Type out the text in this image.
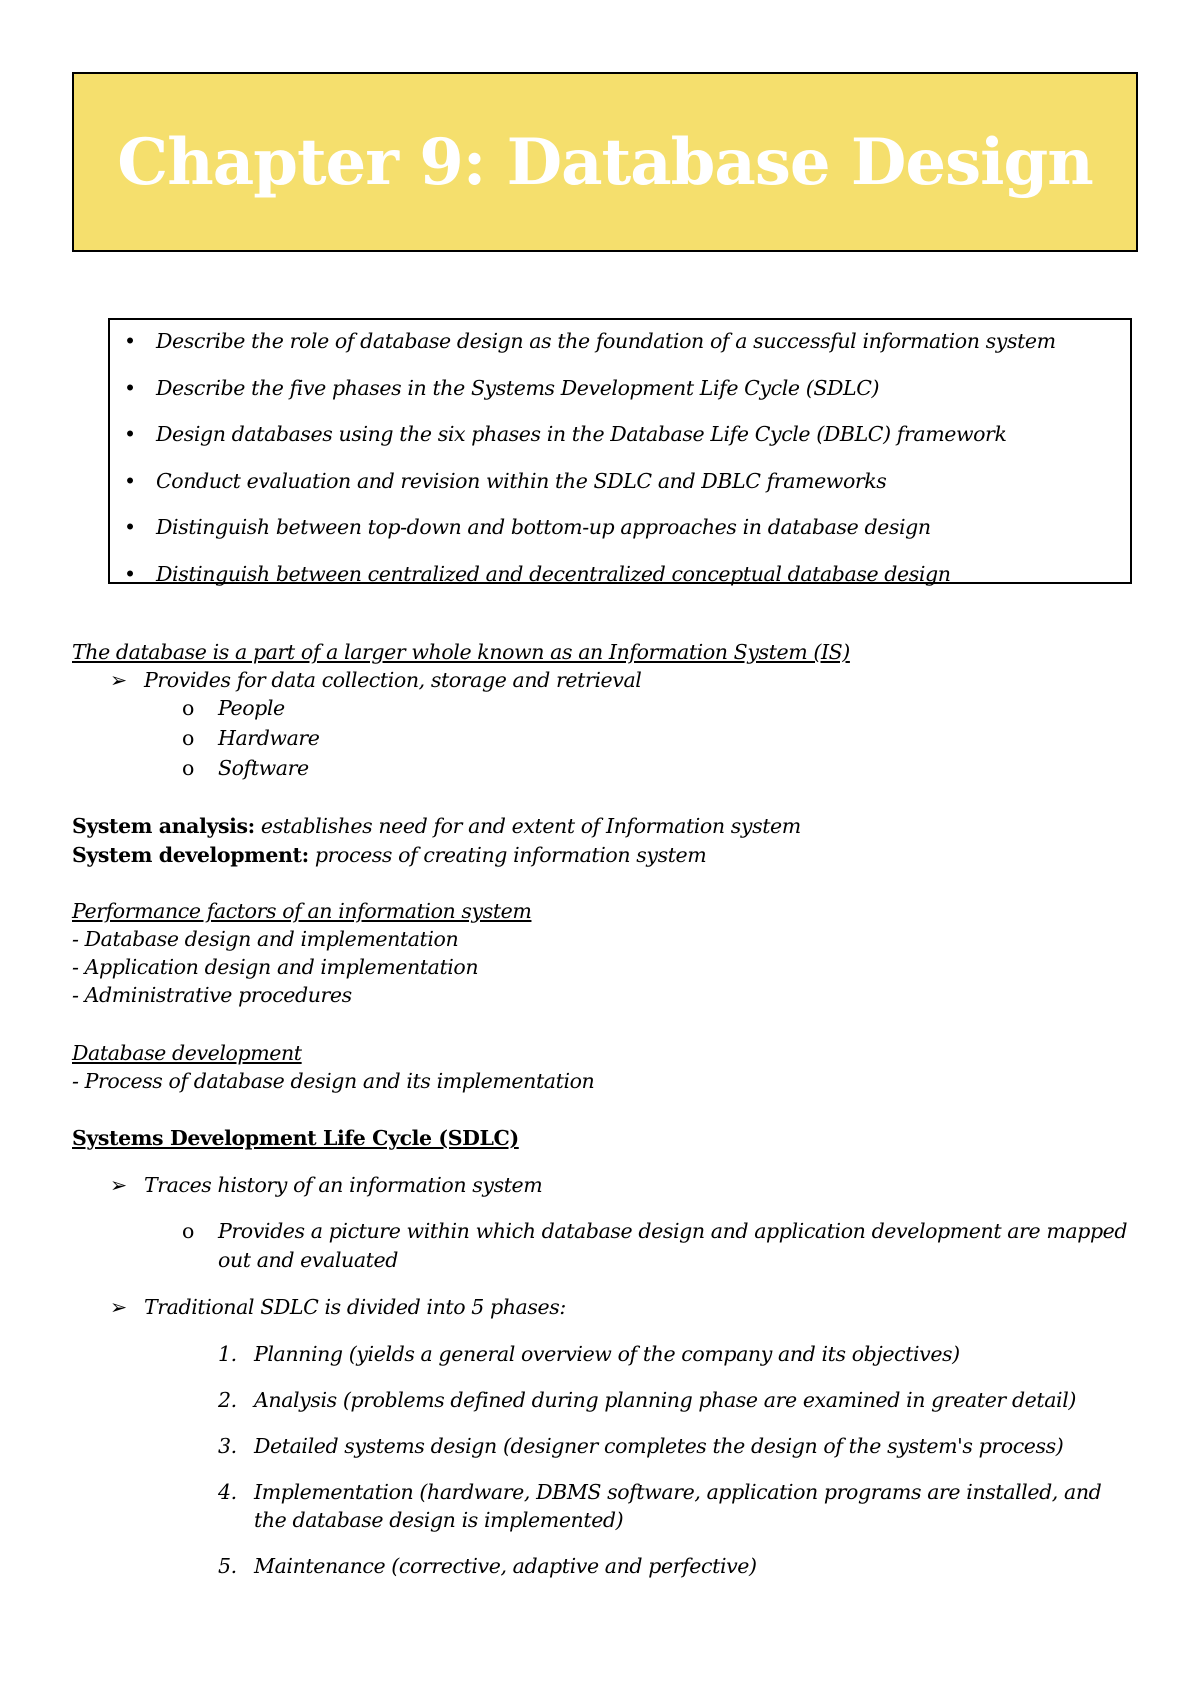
Chapter 9: Database Design
• Describe the role of database design as the foundation of a successful information system
• Describe the five phases in the Systems Development Life Cycle (SDLC)
• Design databases using the six phases in the Database Life Cycle (DBLC) framework
• Conduct evaluation and revision within the SDLC and DBLC frameworks
• Distinguish between top-down and bottom-up approaches in database design
• Distinguish between centralized and decentralized conceptual database design
The database is a part of a larger whole known as an Information System (IS)
➢ Provides for data collection, storage and retrieval
o People
o Hardware
o Software
System analysis: establishes need for and extent of Information system
System development: process of creating information system
Performance factors of an information system
- Database design and implementation
- Application design and implementation
- Administrative procedures
Database development
- Process of database design and its implementation
Systems Development Life Cycle (SDLC)
➢ Traces history of an information system
o Provides a picture within which database design and application development are mapped
out and evaluated
➢ Traditional SDLC is divided into 5 phases:
1. Planning (yields a general overview of the company and its objectives)
2. Analysis (problems defined during planning phase are examined in greater detail)
3. Detailed systems design (designer completes the design of the system's process)
4. Implementation (hardware, DBMS software, application programs are installed, and
the database design is implemented)
5. Maintenance (corrective, adaptive and perfective)
